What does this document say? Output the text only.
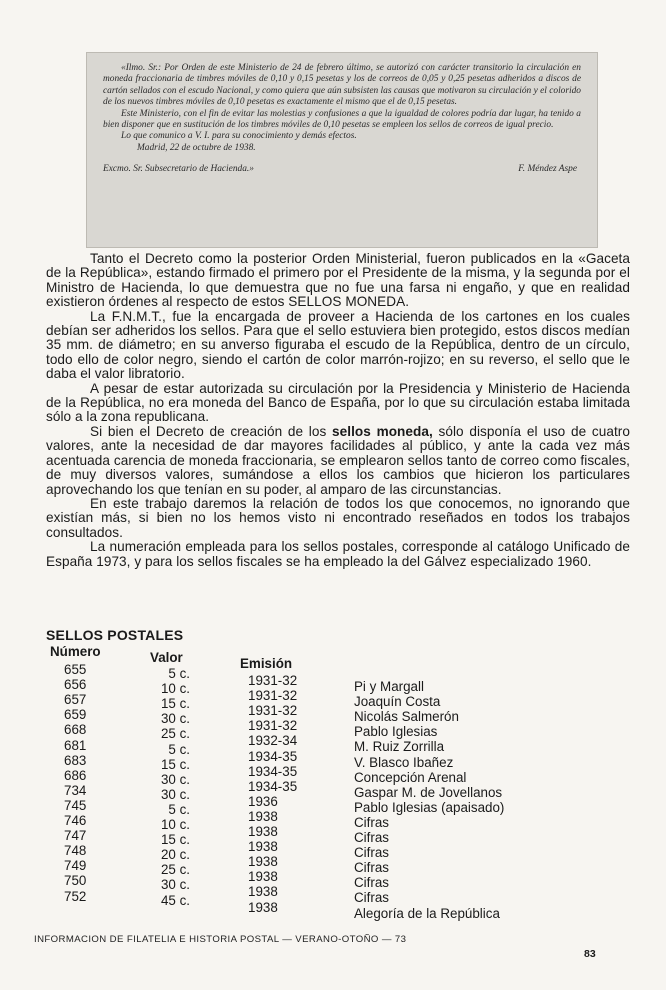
«Ilmo. Sr.: Por Orden de este Ministerio de 24 de febrero último, se autorizó con carácter transitorio la circulación en moneda fraccionaria de timbres móviles de 0,10 y 0,15 pesetas y los de correos de 0,05 y 0,25 pesetas adheridos a discos de cartón sellados con el escudo Nacional, y como quiera que aún subsisten las causas que motivaron su circulación y el colorido de los nuevos timbres móviles de 0,10 pesetas es exactamente el mismo que el de 0,15 pesetas.

Este Ministerio, con el fin de evitar las molestias y confusiones a que la igualdad de colores podría dar lugar, ha tenido a bien disponer que en sustitución de los timbres móviles de 0,10 pesetas se empleen los sellos de correos de igual precio.

Lo que comunico a V. I. para su conocimiento y demás efectos.

Madrid, 22 de octubre de 1938.

Excmo. Sr. Subsecretario de Hacienda.»	F. Méndez Aspe

Tanto el Decreto como la posterior Orden Ministerial, fueron publicados en la «Gaceta de la República», estando firmado el primero por el Presidente de la misma, y la segunda por el Ministro de Hacienda, lo que demuestra que no fue una farsa ni engaño, y que en realidad existieron órdenes al respecto de estos SELLOS MONEDA.

La F.N.M.T., fue la encargada de proveer a Hacienda de los cartones en los cuales debían ser adheridos los sellos. Para que el sello estuviera bien protegido, estos discos medían 35 mm. de diámetro; en su anverso figuraba el escudo de la República, dentro de un círculo, todo ello de color negro, siendo el cartón de color marrón-rojizo; en su reverso, el sello que le daba el valor libratorio.

A pesar de estar autorizada su circulación por la Presidencia y Ministerio de Hacienda de la República, no era moneda del Banco de España, por lo que su circulación estaba limitada sólo a la zona republicana.

Si bien el Decreto de creación de los sellos moneda, sólo disponía el uso de cuatro valores, ante la necesidad de dar mayores facilidades al público, y ante la cada vez más acentuada carencia de moneda fraccionaria, se emplearon sellos tanto de correo como fiscales, de muy diversos valores, sumándose a ellos los cambios que hicieron los particulares aprovechando los que tenían en su poder, al amparo de las circunstancias.

En este trabajo daremos la relación de todos los que conocemos, no ignorando que existían más, si bien no los hemos visto ni encontrado reseñados en todos los trabajos consultados.

La numeración empleada para los sellos postales, corresponde al catálogo Unificado de España 1973, y para los sellos fiscales se ha empleado la del Gálvez especializado 1960.

SELLOS POSTALES
Número	Valor	Emisión
655	5 c.	1931-32	Pi y Margall
656	10 c.	1931-32	Joaquín Costa
657	15 c.	1931-32	Nicolás Salmerón
659	30 c.	1931-32	Pablo Iglesias
668	25 c.	1932-34	M. Ruiz Zorrilla
681	5 c.	1934-35	V. Blasco Ibañez
683	15 c.	1934-35	Concepción Arenal
686	30 c.	1934-35	Gaspar M. de Jovellanos
734	30 c.	1936	Pablo Iglesias (apaisado)
745	5 c.	1938	Cifras
746	10 c.	1938	Cifras
747	15 c.	1938	Cifras
748	20 c.	1938	Cifras
749	25 c.	1938	Cifras
750	30 c.	1938	Cifras
752	45 c.	1938	Alegoría de la República
INFORMACION DE FILATELIA E HISTORIA POSTAL — VERANO-OTOÑO — 73
83
